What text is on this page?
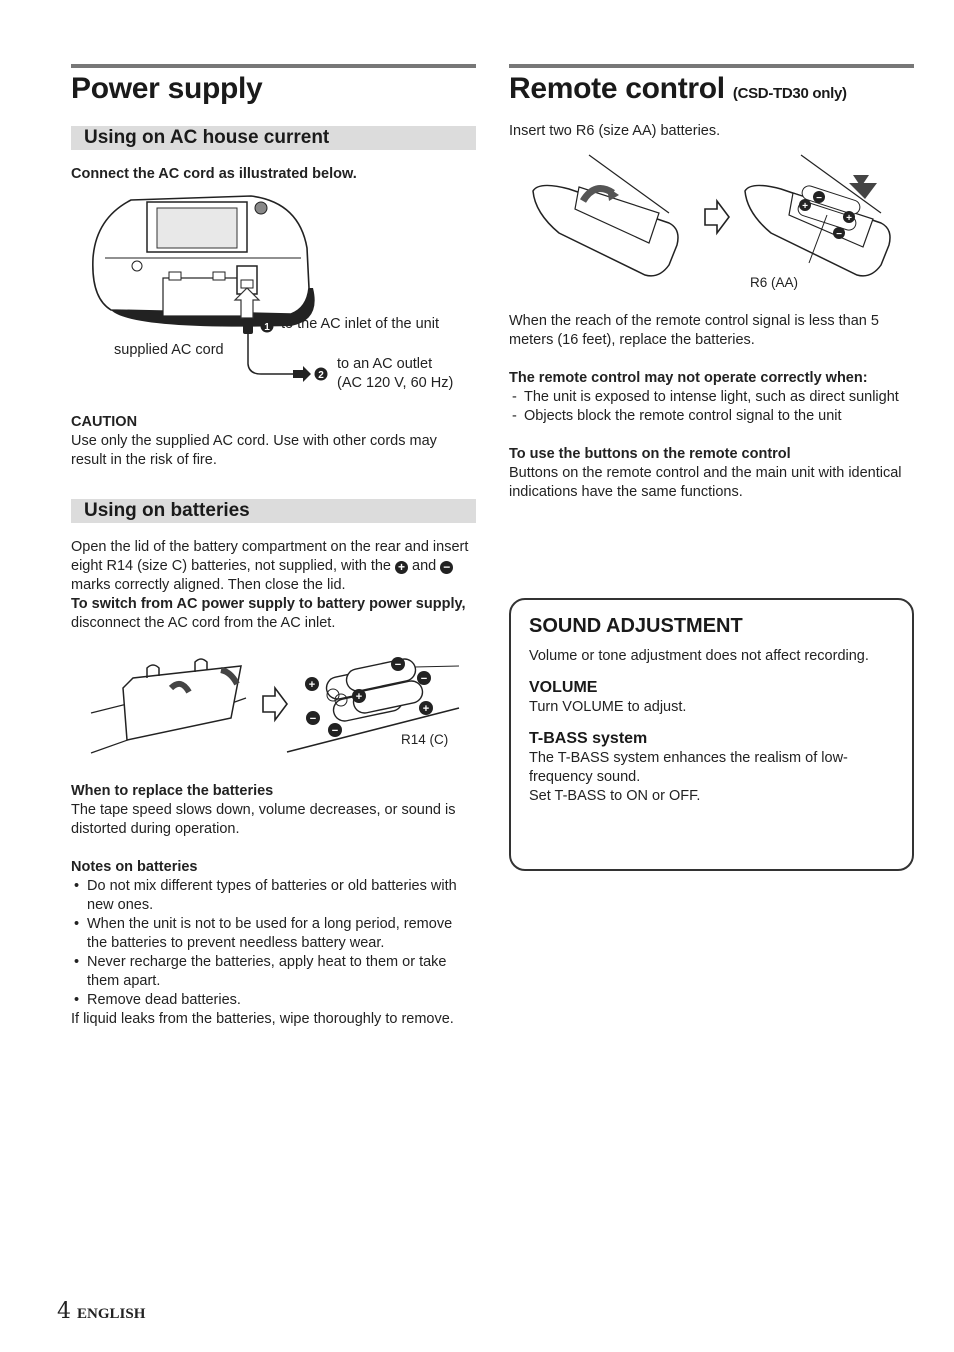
Power supply
Using on AC house current

Connect the AC cord as illustrated below.

1
2
to the AC inlet of the unit
supplied AC cord
to an AC outlet
(AC 120 V, 60 Hz)

CAUTION

Use only the supplied AC cord. Use with other cords may result in the risk of fire.

Using on batteries

Open the lid of the battery compartment on the rear and insert eight R14 (size C) batteries, not supplied, with the + and − marks correctly aligned. Then close the lid.

To switch from AC power supply to battery power supply, disconnect the AC cord from the AC inlet.

+
+
+
−
−
−
−
R14 (C)

When to replace the batteries

The tape speed slows down, volume decreases, or sound is distorted during operation.

Notes on batteries

• Do not mix different types of batteries or old batteries with new ones.
• When the unit is not to be used for a long period, remove the batteries to prevent needless battery wear.
• Never recharge the batteries, apply heat to them or take them apart.
• Remove dead batteries.

If liquid leaks from the batteries, wipe thoroughly to remove.

Remote control (CSD-TD30 only)

Insert two R6 (size AA) batteries.

+
+
−
−
R6 (AA)

When the reach of the remote control signal is less than 5 meters (16 feet), replace the batteries.

The remote control may not operate correctly when:

- The unit is exposed to intense light, such as direct sunlight
- Objects block the remote control signal to the unit

To use the buttons on the remote control

Buttons on the remote control and the main unit with identical indications have the same functions.

SOUND ADJUSTMENT

Volume or tone adjustment does not affect recording.

VOLUME

Turn VOLUME to adjust.

T-BASS system

The T-BASS system enhances the realism of low-frequency sound.

Set T-BASS to ON or OFF.

4 ENGLISH
